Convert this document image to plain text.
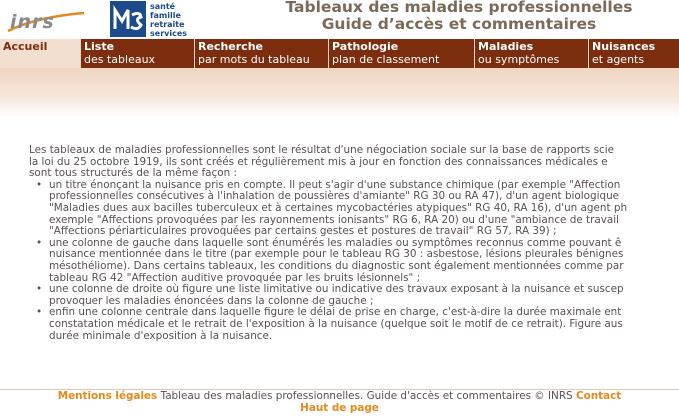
inrs
santé
famille
retraite
services
Tableaux des maladies professionnelles
Guide d’accès et commentaires
Accueil	Liste
des tableaux
Recherche
par mots du tableau
Pathologie
plan de classement
Maladies
ou symptômes
Nuisances
et agents

Les tableaux de maladies professionnelles sont le résultat d'une négociation sociale sur la base de rapports scie
la loi du 25 octobre 1919, ils sont créés et régulièrement mis à jour en fonction des connaissances médicales e
sont tous structurés de la même façon :

• un titre énonçant la nuisance pris en compte. Il peut s'agir d'une substance chimique (par exemple "Affection
professionnelles consécutives à l'inhalation de poussières d'amiante" RG 30 ou RA 47), d'un agent biologique
"Maladies dues aux bacilles tuberculeux et à certaines mycobactéries atypiques" RG 40, RA 16), d'un agent ph
exemple "Affections provoquées par les rayonnements ionisants" RG 6, RA 20) ou d'une "ambiance de travail
"Affections périarticulaires provoquées par certains gestes et postures de travail" RG 57, RA 39) ;
• une colonne de gauche dans laquelle sont énumérés les maladies ou symptômes reconnus comme pouvant ê
nuisance mentionnée dans le titre (par exemple pour le tableau RG 30 : asbestose, lésions pleurales bénignes
mésothéliome). Dans certains tableaux, les conditions du diagnostic sont également mentionnées comme par
tableau RG 42 "Affection auditive provoquée par les bruits lésionnels" ;
• une colonne de droite où figure une liste limitative ou indicative des travaux exposant à la nuisance et suscep
provoquer les maladies énoncées dans la colonne de gauche ;
• enfin une colonne centrale dans laquelle figure le délai de prise en charge, c'est-à-dire la durée maximale ent
constatation médicale et le retrait de l'exposition à la nuisance (quelque soit le motif de ce retrait). Figure aus
durée minimale d'exposition à la nuisance.
Mentions légales Tableau des maladies professionnelles. Guide d'accès et commentaires © INRS Contact
Haut de page
